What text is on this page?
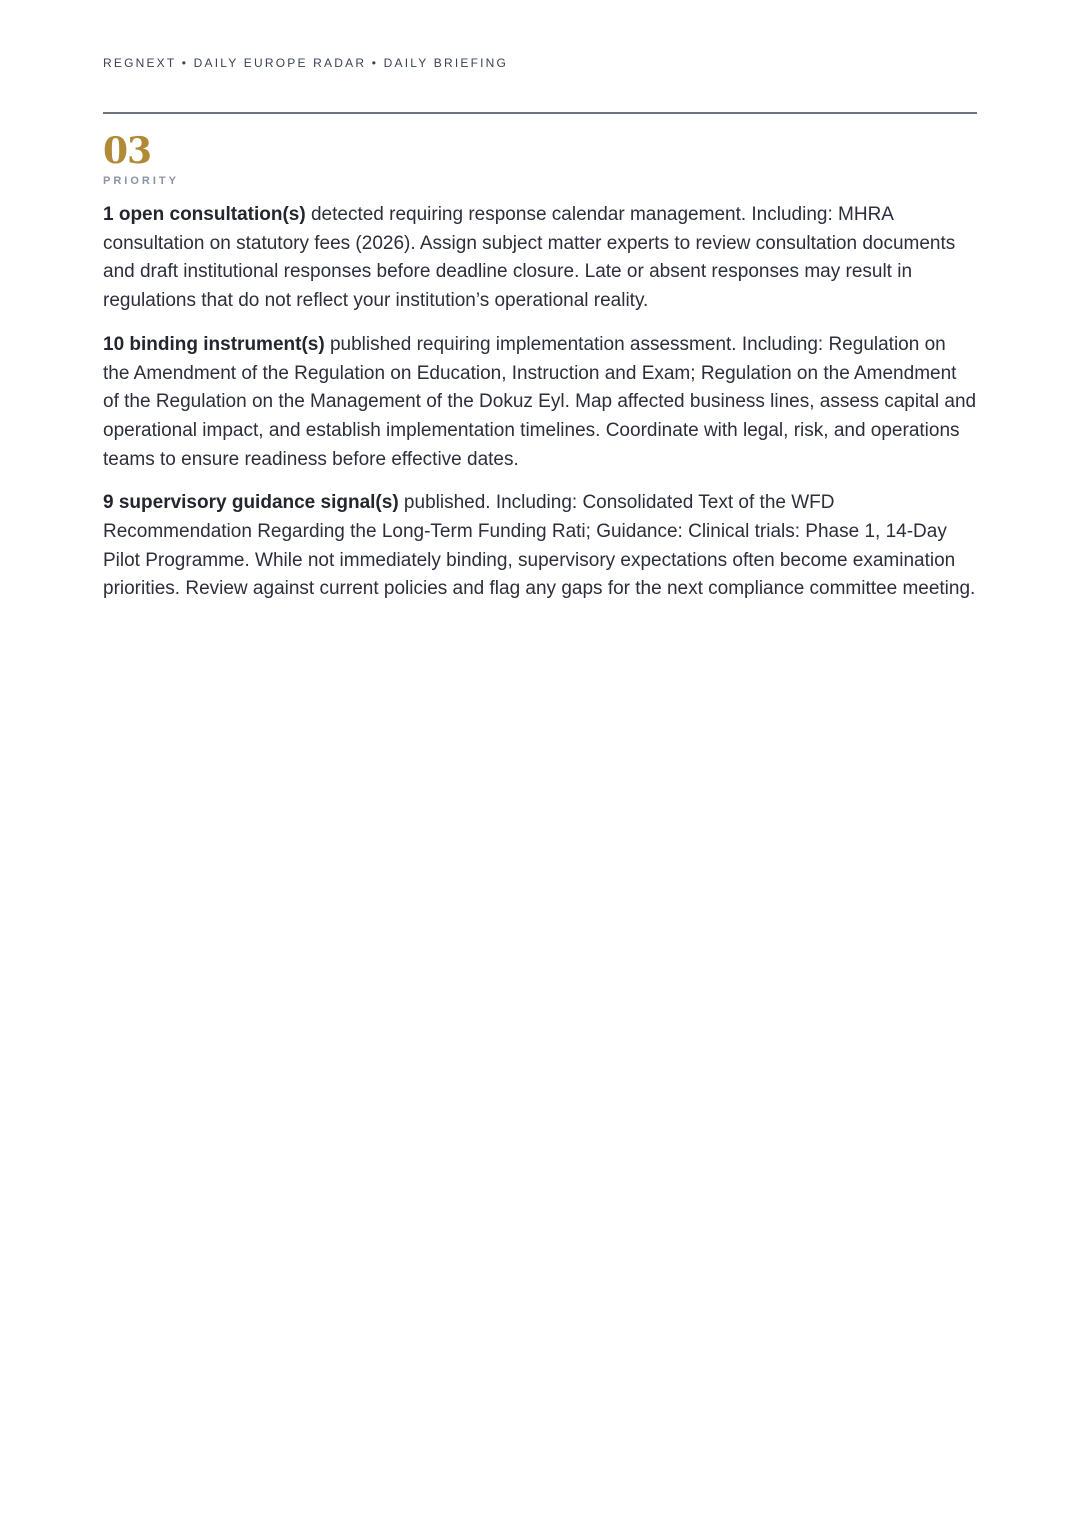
REGNEXT • DAILY EUROPE RADAR • DAILY BRIEFING
03
PRIORITY

1 open consultation(s) detected requiring response calendar management. Including: MHRA consultation on statutory fees (2026). Assign subject matter experts to review consultation documents and draft institutional responses before deadline closure. Late or absent responses may result in regulations that do not reflect your institution’s operational reality.

10 binding instrument(s) published requiring implementation assessment. Including: Regulation on the Amendment of the Regulation on Education, Instruction and Exam; Regulation on the Amendment of the Regulation on the Management of the Dokuz Eyl. Map affected business lines, assess capital and operational impact, and establish implementation timelines. Coordinate with legal, risk, and operations teams to ensure readiness before effective dates.

9 supervisory guidance signal(s) published. Including: Consolidated Text of the WFD Recommendation Regarding the Long-Term Funding Rati; Guidance: Clinical trials: Phase 1, 14-Day Pilot Programme. While not immediately binding, supervisory expectations often become examination priorities. Review against current policies and flag any gaps for the next compliance committee meeting.
